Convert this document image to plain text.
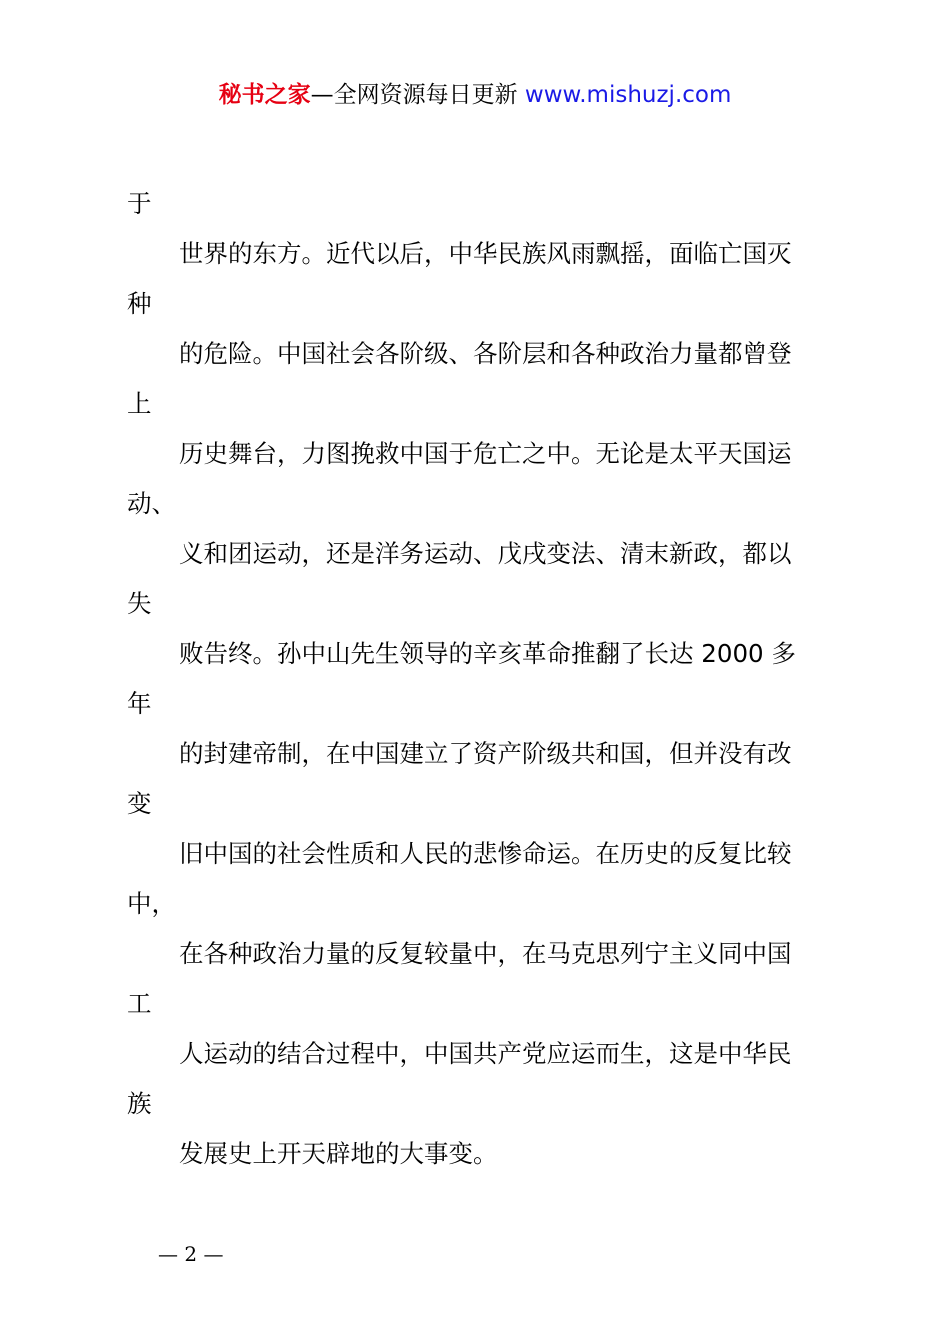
秘书之家—全网资源每日更新 www.mishuzj.com
于
世界的东方。近代以后，中华民族风雨飘摇，面临亡国灭
种
的危险。中国社会各阶级、各阶层和各种政治力量都曾登
上
历史舞台，力图挽救中国于危亡之中。无论是太平天国运
动、
义和团运动，还是洋务运动、戊戌变法、清末新政，都以
失
败告终。孙中山先生领导的辛亥革命推翻了长达 2000 多
年
的封建帝制，在中国建立了资产阶级共和国，但并没有改
变
旧中国的社会性质和人民的悲惨命运。在历史的反复比较
中，
在各种政治力量的反复较量中，在马克思列宁主义同中国
工
人运动的结合过程中，中国共产党应运而生，这是中华民
族
发展史上开天辟地的大事变。
— 2 —
